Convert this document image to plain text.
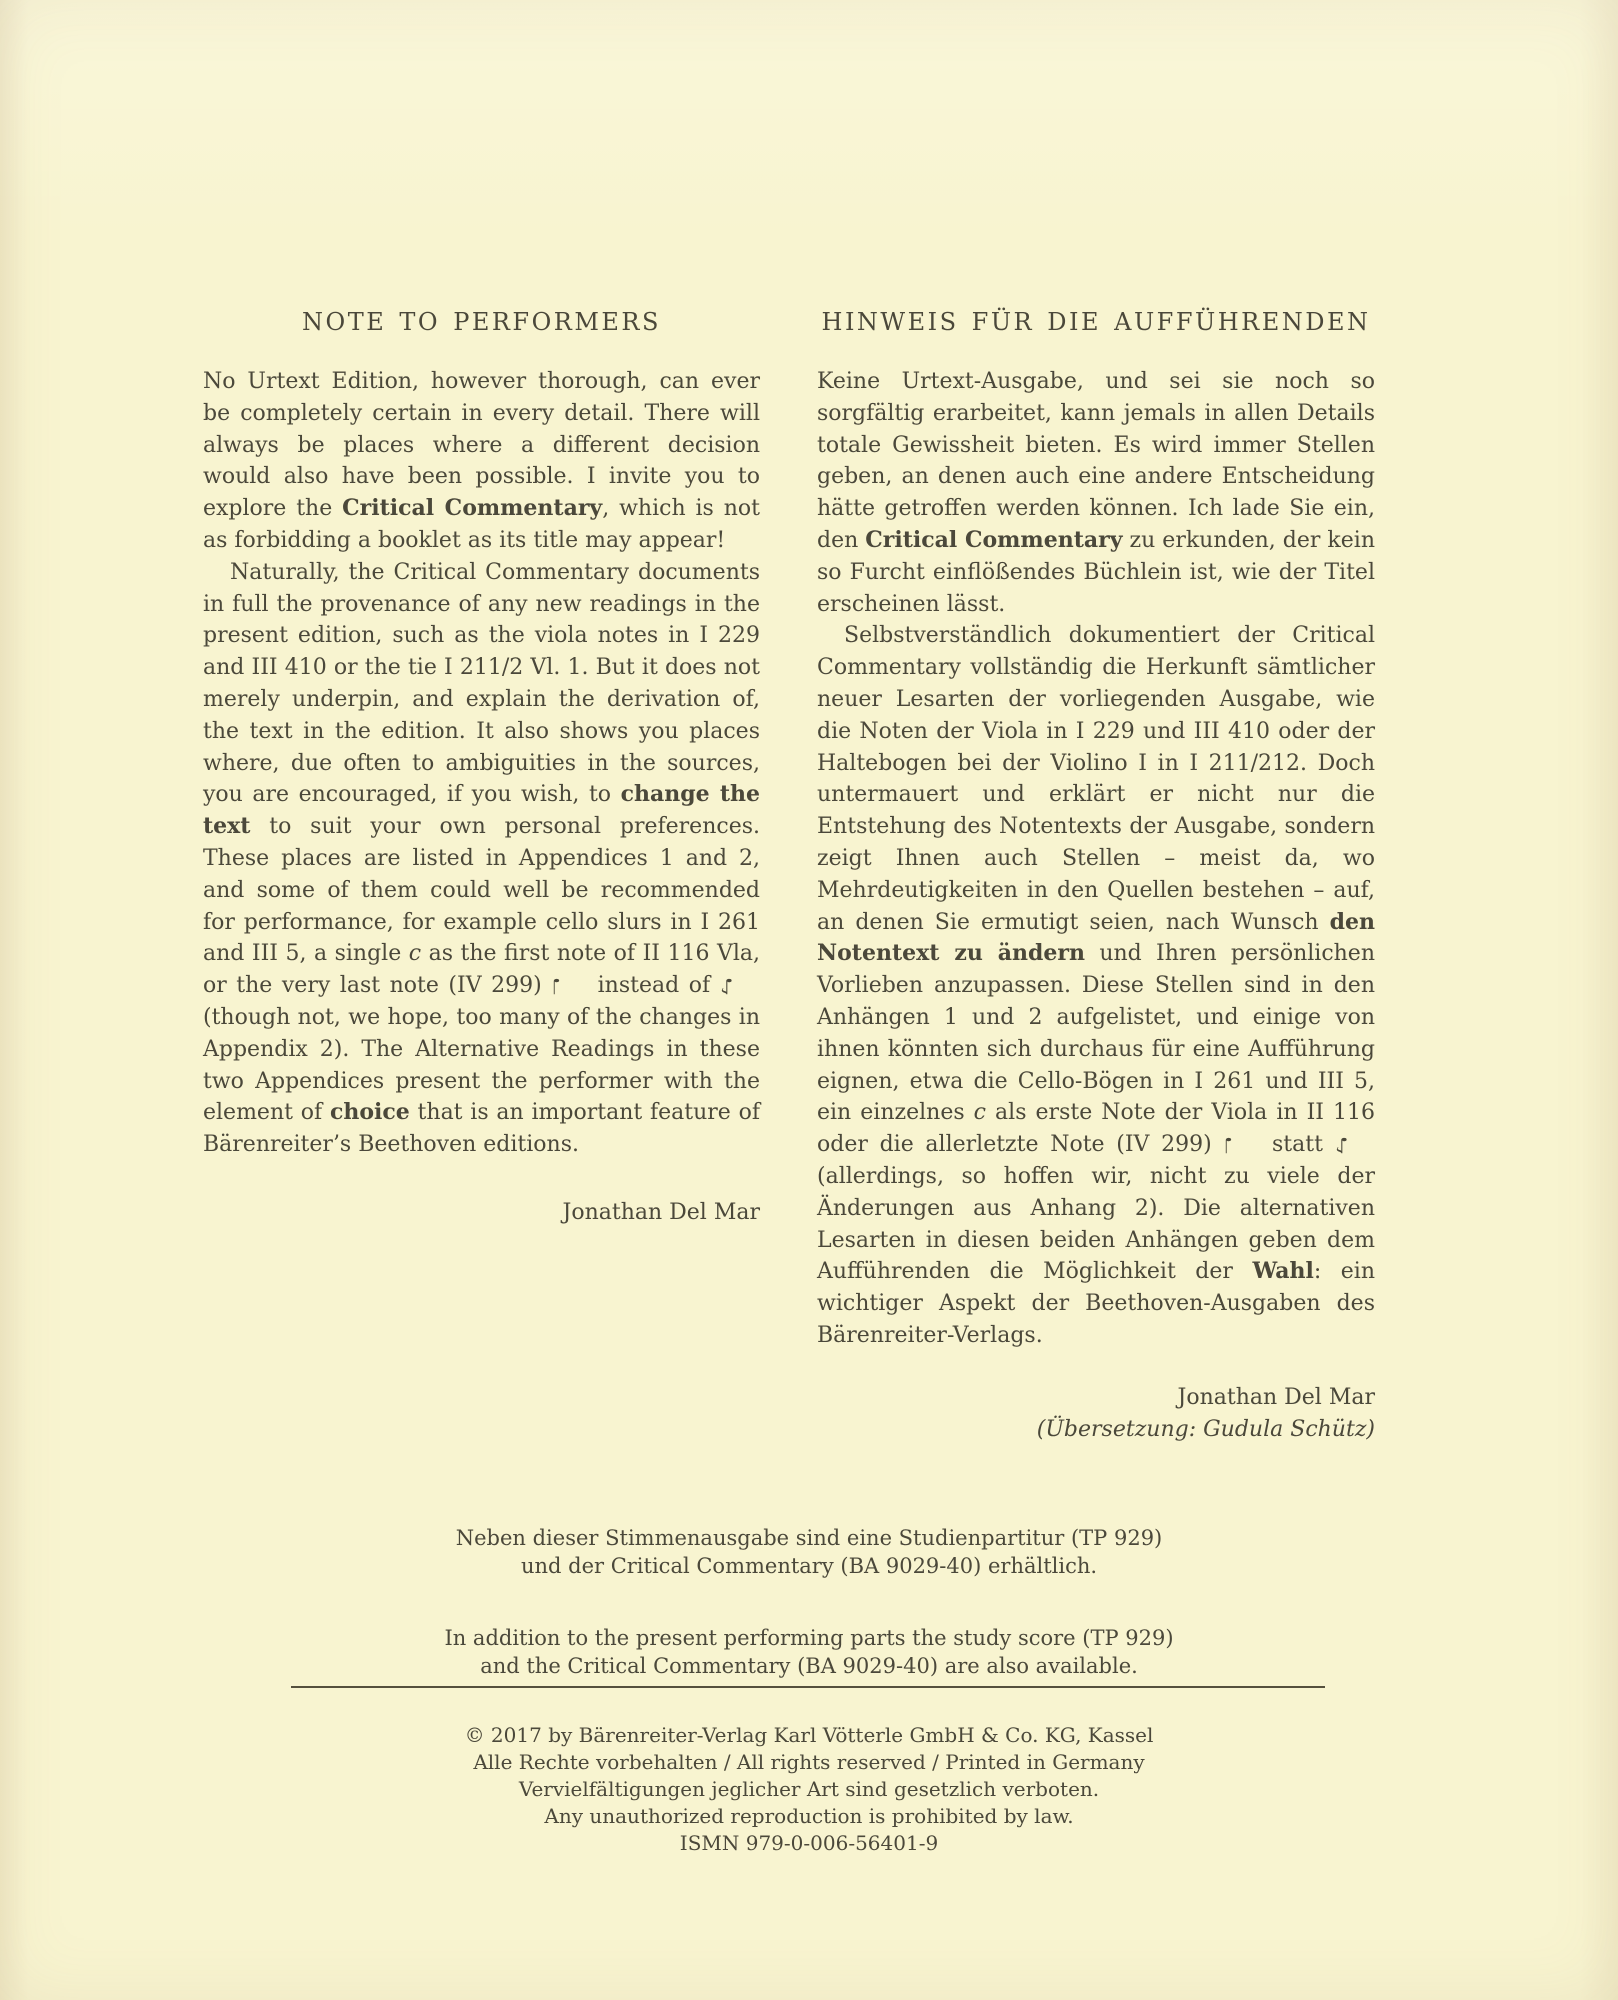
NOTE TO PERFORMERS

No Urtext Edition, however thorough, can ever be completely certain in every detail. There will always be places where a different decision would also have been possible. I invite you to explore the Critical Commentary, which is not as forbidding a booklet as its title may appear!

Naturally, the Critical Commentary documents in full the provenance of any new readings in the present edition, such as the viola notes in I 229 and III 410 or the tie I 211/2 Vl. 1. But it does not merely underpin, and explain the derivation of, the text in the edition. It also shows you places where, due often to ambiguities in the sources, you are encouraged, if you wish, to change the text to suit your own personal preferences. These places are listed in Appendices 1 and 2, and some of them could well be recommended for performance, for example cello slurs in I 261 and III 5, a single c as the first note of II 116 Vla, or the very last note (IV 299) ♩ instead of ♪ (though not, we hope, too many of the changes in Appendix 2). The Alternative Readings in these two Appendices present the performer with the element of choice that is an important feature of Bärenreiter’s Beethoven editions.

Jonathan Del Mar

HINWEIS FÜR DIE AUFFÜHRENDEN

Keine Urtext-Ausgabe, und sei sie noch so sorgfältig erarbeitet, kann jemals in allen Details totale Gewissheit bieten. Es wird immer Stellen geben, an denen auch eine andere Entscheidung hätte getroffen werden können. Ich lade Sie ein, den Critical Commentary zu erkunden, der kein so Furcht einflößendes Büchlein ist, wie der Titel erscheinen lässt.

Selbstverständlich dokumentiert der Critical Commentary vollständig die Herkunft sämtlicher neuer Lesarten der vorliegenden Ausgabe, wie die Noten der Viola in I 229 und III 410 oder der Haltebogen bei der Violino I in I 211/212. Doch untermauert und erklärt er nicht nur die Entstehung des Notentexts der Ausgabe, sondern zeigt Ihnen auch Stellen – meist da, wo Mehrdeutigkeiten in den Quellen bestehen – auf, an denen Sie ermutigt seien, nach Wunsch den Notentext zu ändern und Ihren persönlichen Vorlieben anzupassen. Diese Stellen sind in den Anhängen 1 und 2 aufgelistet, und einige von ihnen könnten sich durchaus für eine Aufführung eignen, etwa die Cello-Bögen in I 261 und III 5, ein einzelnes c als erste Note der Viola in II 116 oder die allerletzte Note (IV 299) ♩ statt ♪ (allerdings, so hoffen wir, nicht zu viele der Änderungen aus Anhang 2). Die alternativen Lesarten in diesen beiden Anhängen geben dem Aufführenden die Möglichkeit der Wahl: ein wichtiger Aspekt der Beethoven-Ausgaben des Bärenreiter-Verlags.

Jonathan Del Mar

(Übersetzung: Gudula Schütz)

Neben dieser Stimmenausgabe sind eine Studienpartitur (TP 929)
und der Critical Commentary (BA 9029-40) erhältlich.
In addition to the present performing parts the study score (TP 929)
and the Critical Commentary (BA 9029-40) are also available.
© 2017 by Bärenreiter-Verlag Karl Vötterle GmbH & Co. KG, Kassel
Alle Rechte vorbehalten / All rights reserved / Printed in Germany
Vervielfältigungen jeglicher Art sind gesetzlich verboten.
Any unauthorized reproduction is prohibited by law.
ISMN 979-0-006-56401-9
